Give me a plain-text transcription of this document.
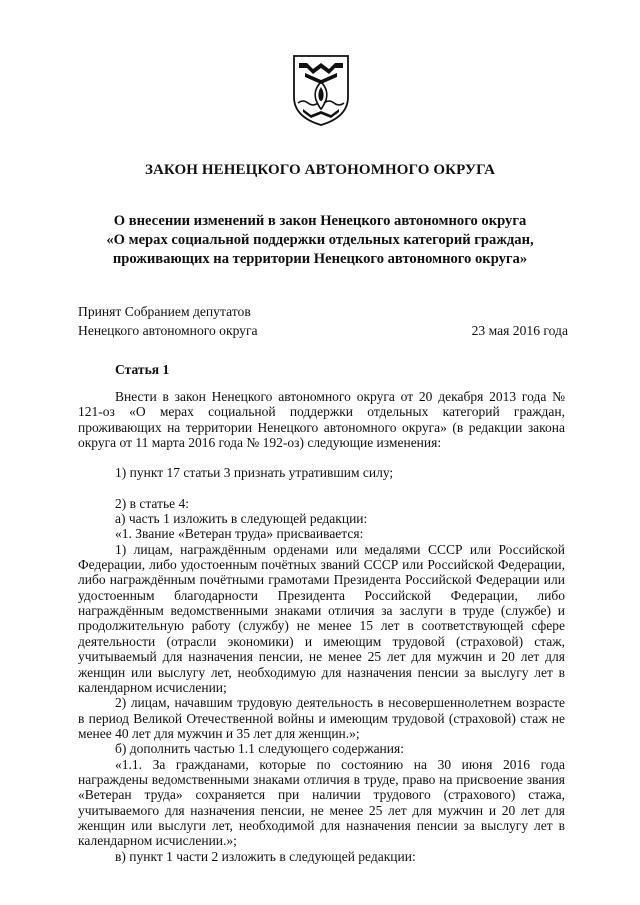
ЗАКОН НЕНЕЦКОГО АВТОНОМНОГО ОКРУГА
О внесении изменений в закон Ненецкого автономного округа
«О мерах социальной поддержки отдельных категорий граждан,
проживающих на территории Ненецкого автономного округа»
Принят Собранием депутатов
Ненецкого автономного округа	23 мая 2016 года
Статья 1

Внести в закон Ненецкого автономного округа от 20 декабря 2013 года № 121-оз «О мерах социальной поддержки отдельных категорий граждан, проживающих на территории Ненецкого автономного округа» (в редакции закона округа от 11 марта 2016 года № 192-оз) следующие изменения:

1) пункт 17 статьи 3 признать утратившим силу;

2) в статье 4:

а) часть 1 изложить в следующей редакции:

«1. Звание «Ветеран труда» присваивается:

1) лицам, награждённым орденами или медалями СССР или Российской Федерации, либо удостоенным почётных званий СССР или Российской Федерации, либо награждённым почётными грамотами Президента Российской Федерации или удостоенным благодарности Президента Российской Федерации, либо награждённым ведомственными знаками отличия за заслуги в труде (службе) и продолжительную работу (службу) не менее 15 лет в соответствующей сфере деятельности (отрасли экономики) и имеющим трудовой (страховой) стаж, учитываемый для назначения пенсии, не менее 25 лет для мужчин и 20 лет для женщин или выслугу лет, необходимую для назначения пенсии за выслугу лет в календарном исчислении;

2) лицам, начавшим трудовую деятельность в несовершеннолетнем возрасте в период Великой Отечественной войны и имеющим трудовой (страховой) стаж не менее 40 лет для мужчин и 35 лет для женщин.»;

б) дополнить частью 1.1 следующего содержания:

«1.1. За гражданами, которые по состоянию на 30 июня 2016 года награждены ведомственными знаками отличия в труде, право на присвоение звания «Ветеран труда» сохраняется при наличии трудового (страхового) стажа, учитываемого для назначения пенсии, не менее 25 лет для мужчин и 20 лет для женщин или выслуги лет, необходимой для назначения пенсии за выслугу лет в календарном исчислении.»;

в) пункт 1 части 2 изложить в следующей редакции:
